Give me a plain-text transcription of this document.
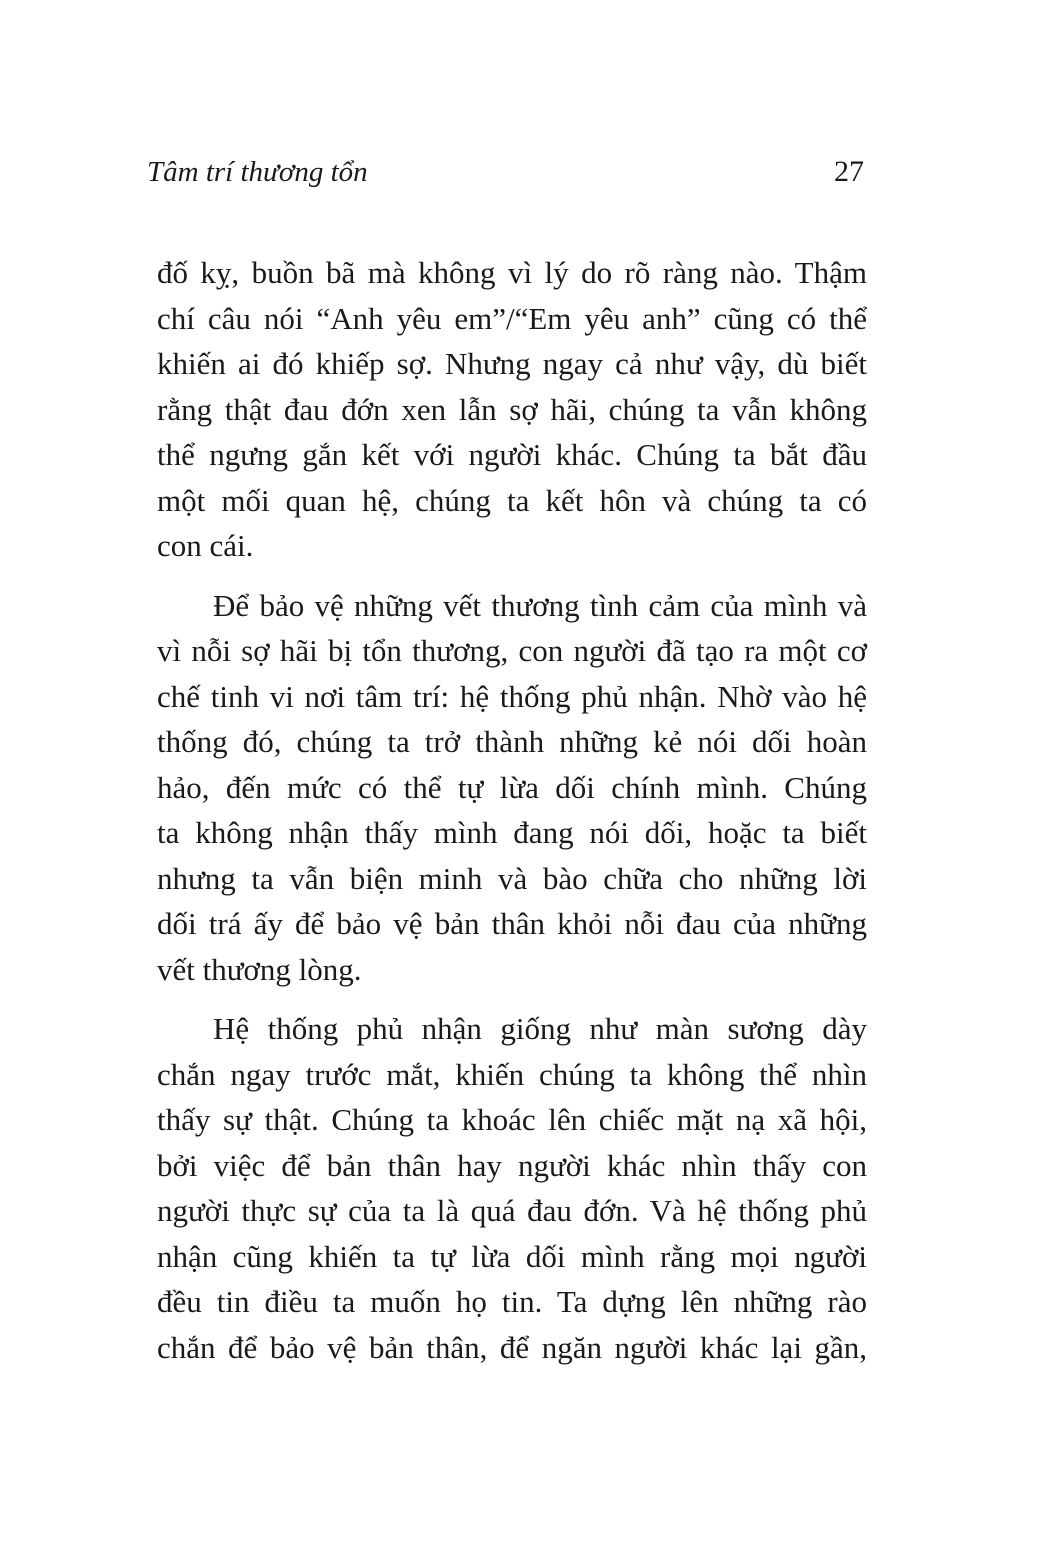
Tâm trí thương tổn	27
đố kỵ, buồn bã mà không vì lý do rõ ràng nào. Thậm
chí câu nói “Anh yêu em”/“Em yêu anh” cũng có thể
khiến ai đó khiếp sợ. Nhưng ngay cả như vậy, dù biết
rằng thật đau đớn xen lẫn sợ hãi, chúng ta vẫn không
thể ngưng gắn kết với người khác. Chúng ta bắt đầu
một mối quan hệ, chúng ta kết hôn và chúng ta có
con cái.
Để bảo vệ những vết thương tình cảm của mình và
vì nỗi sợ hãi bị tổn thương, con người đã tạo ra một cơ
chế tinh vi nơi tâm trí: hệ thống phủ nhận. Nhờ vào hệ
thống đó, chúng ta trở thành những kẻ nói dối hoàn
hảo, đến mức có thể tự lừa dối chính mình. Chúng
ta không nhận thấy mình đang nói dối, hoặc ta biết
nhưng ta vẫn biện minh và bào chữa cho những lời
dối trá ấy để bảo vệ bản thân khỏi nỗi đau của những
vết thương lòng.
Hệ thống phủ nhận giống như màn sương dày
chắn ngay trước mắt, khiến chúng ta không thể nhìn
thấy sự thật. Chúng ta khoác lên chiếc mặt nạ xã hội,
bởi việc để bản thân hay người khác nhìn thấy con
người thực sự của ta là quá đau đớn. Và hệ thống phủ
nhận cũng khiến ta tự lừa dối mình rằng mọi người
đều tin điều ta muốn họ tin. Ta dựng lên những rào
chắn để bảo vệ bản thân, để ngăn người khác lại gần,
